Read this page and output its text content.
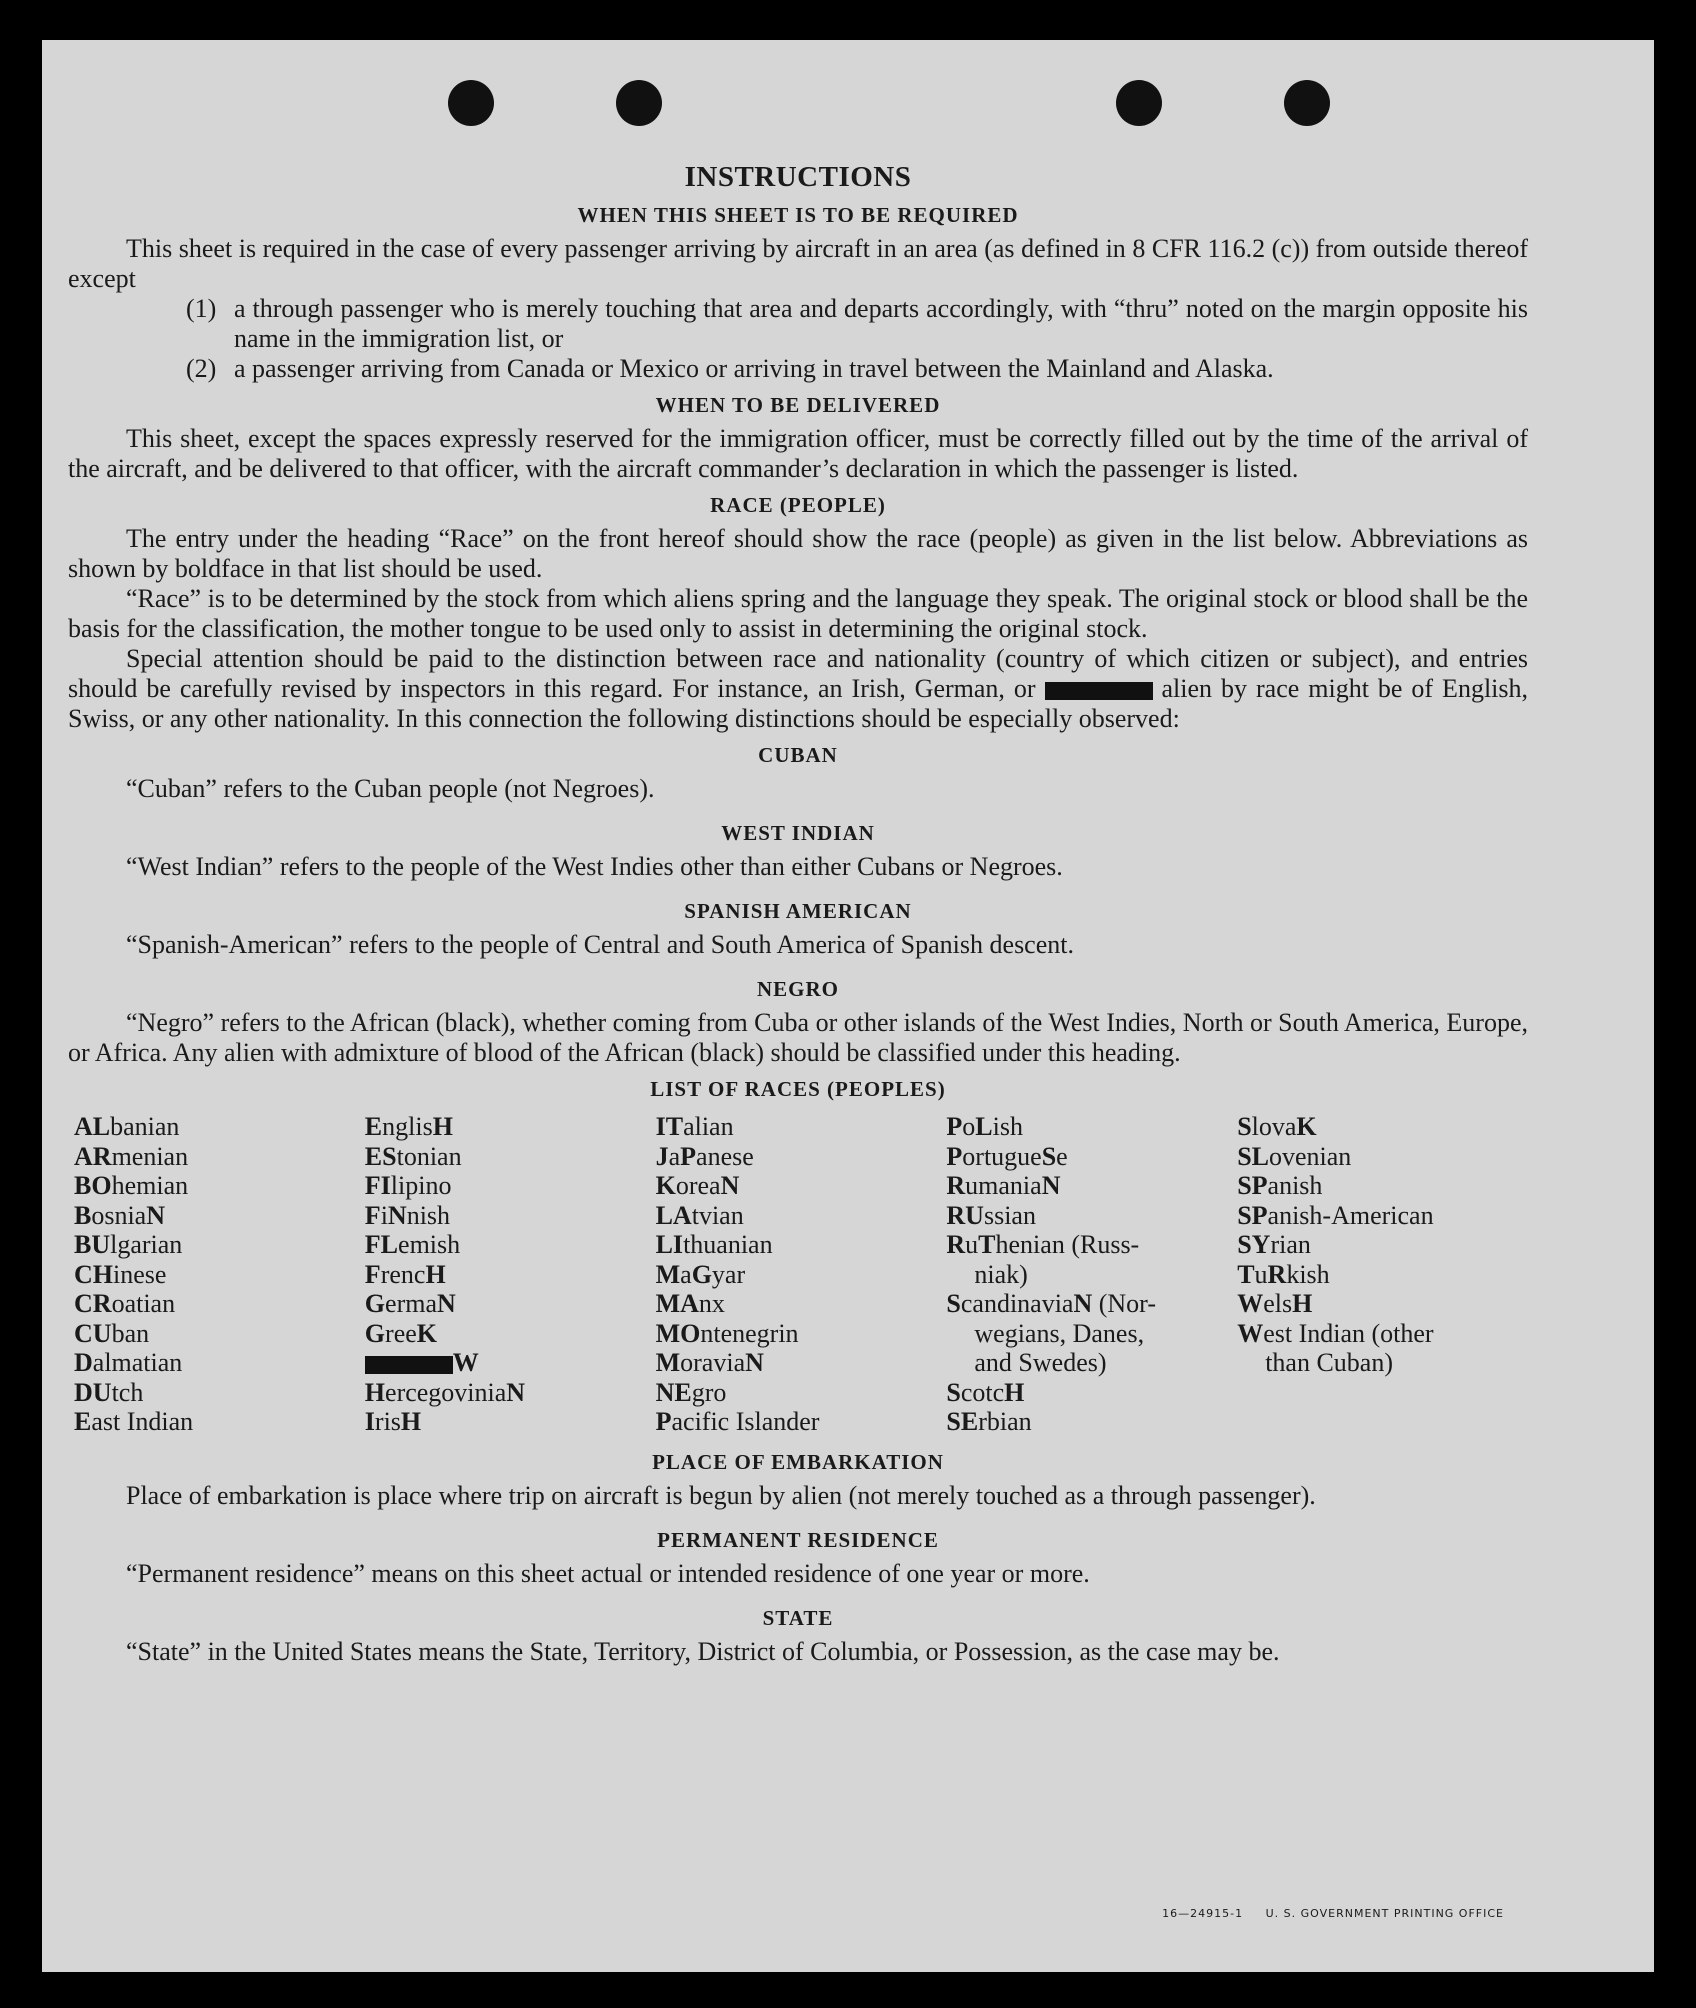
INSTRUCTIONS
WHEN THIS SHEET IS TO BE REQUIRED

This sheet is required in the case of every passenger arriving by aircraft in an area (as defined in 8 CFR 116.2 (c)) from outside thereof except

(1) a through passenger who is merely touching that area and departs accordingly, with “thru” noted on the margin opposite his name in the immigration list, or
(2) a passenger arriving from Canada or Mexico or arriving in travel between the Mainland and Alaska.
WHEN TO BE DELIVERED

This sheet, except the spaces expressly reserved for the immigration officer, must be correctly filled out by the time of the arrival of the aircraft, and be delivered to that officer, with the aircraft commander’s declaration in which the passenger is listed.

RACE (PEOPLE)

The entry under the heading “Race” on the front hereof should show the race (people) as given in the list below. Abbreviations as shown by boldface in that list should be used.

“Race” is to be determined by the stock from which aliens spring and the language they speak. The original stock or blood shall be the basis for the classification, the mother tongue to be used only to assist in determining the original stock.

Special attention should be paid to the distinction between race and nationality (country of which citizen or subject), and entries should be carefully revised by inspectors in this regard. For instance, an Irish, German, or	alien by race might be of English, Swiss, or any other nationality. In this connection the following distinctions should be especially observed:

CUBAN

“Cuban” refers to the Cuban people (not Negroes).

WEST INDIAN

“West Indian” refers to the people of the West Indies other than either Cubans or Negroes.

SPANISH AMERICAN

“Spanish-American” refers to the people of Central and South America of Spanish descent.

NEGRO

“Negro” refers to the African (black), whether coming from Cuba or other islands of the West Indies, North or South America, Europe, or Africa. Any alien with admixture of blood of the African (black) should be classified under this heading.

LIST OF RACES (PEOPLES)
ALbanian
ARmenian
BOhemian
BosniaN
BUlgarian
CHinese
CRoatian
CUban
Dalmatian
DUtch
East Indian
EnglisH
EStonian
FIlipino
FiNnish
FLemish
FrencH
GermaN
GreeK
W
HercegoviniaN
IrisH
ITalian
JaPanese
KoreaN
LAtvian
LIthuanian
MaGyar
MAnx
MOntenegrin
MoraviaN
NEgro
Pacific Islander
PoLish
PortugueSe
RumaniaN
RUssian
RuThenian (Russ-
niak)
ScandinaviaN (Nor-
wegians, Danes,
and Swedes)
ScotcH
SErbian
SlovaK
SLovenian
SPanish
SPanish-American
SYrian
TuRkish
WelsH
West Indian (other
than Cuban)
PLACE OF EMBARKATION

Place of embarkation is place where trip on aircraft is begun by alien (not merely touched as a through passenger).

PERMANENT RESIDENCE

“Permanent residence” means on this sheet actual or intended residence of one year or more.

STATE

“State” in the United States means the State, Territory, District of Columbia, or Possession, as the case may be.

16—24915-1 U. S. GOVERNMENT PRINTING OFFICE
